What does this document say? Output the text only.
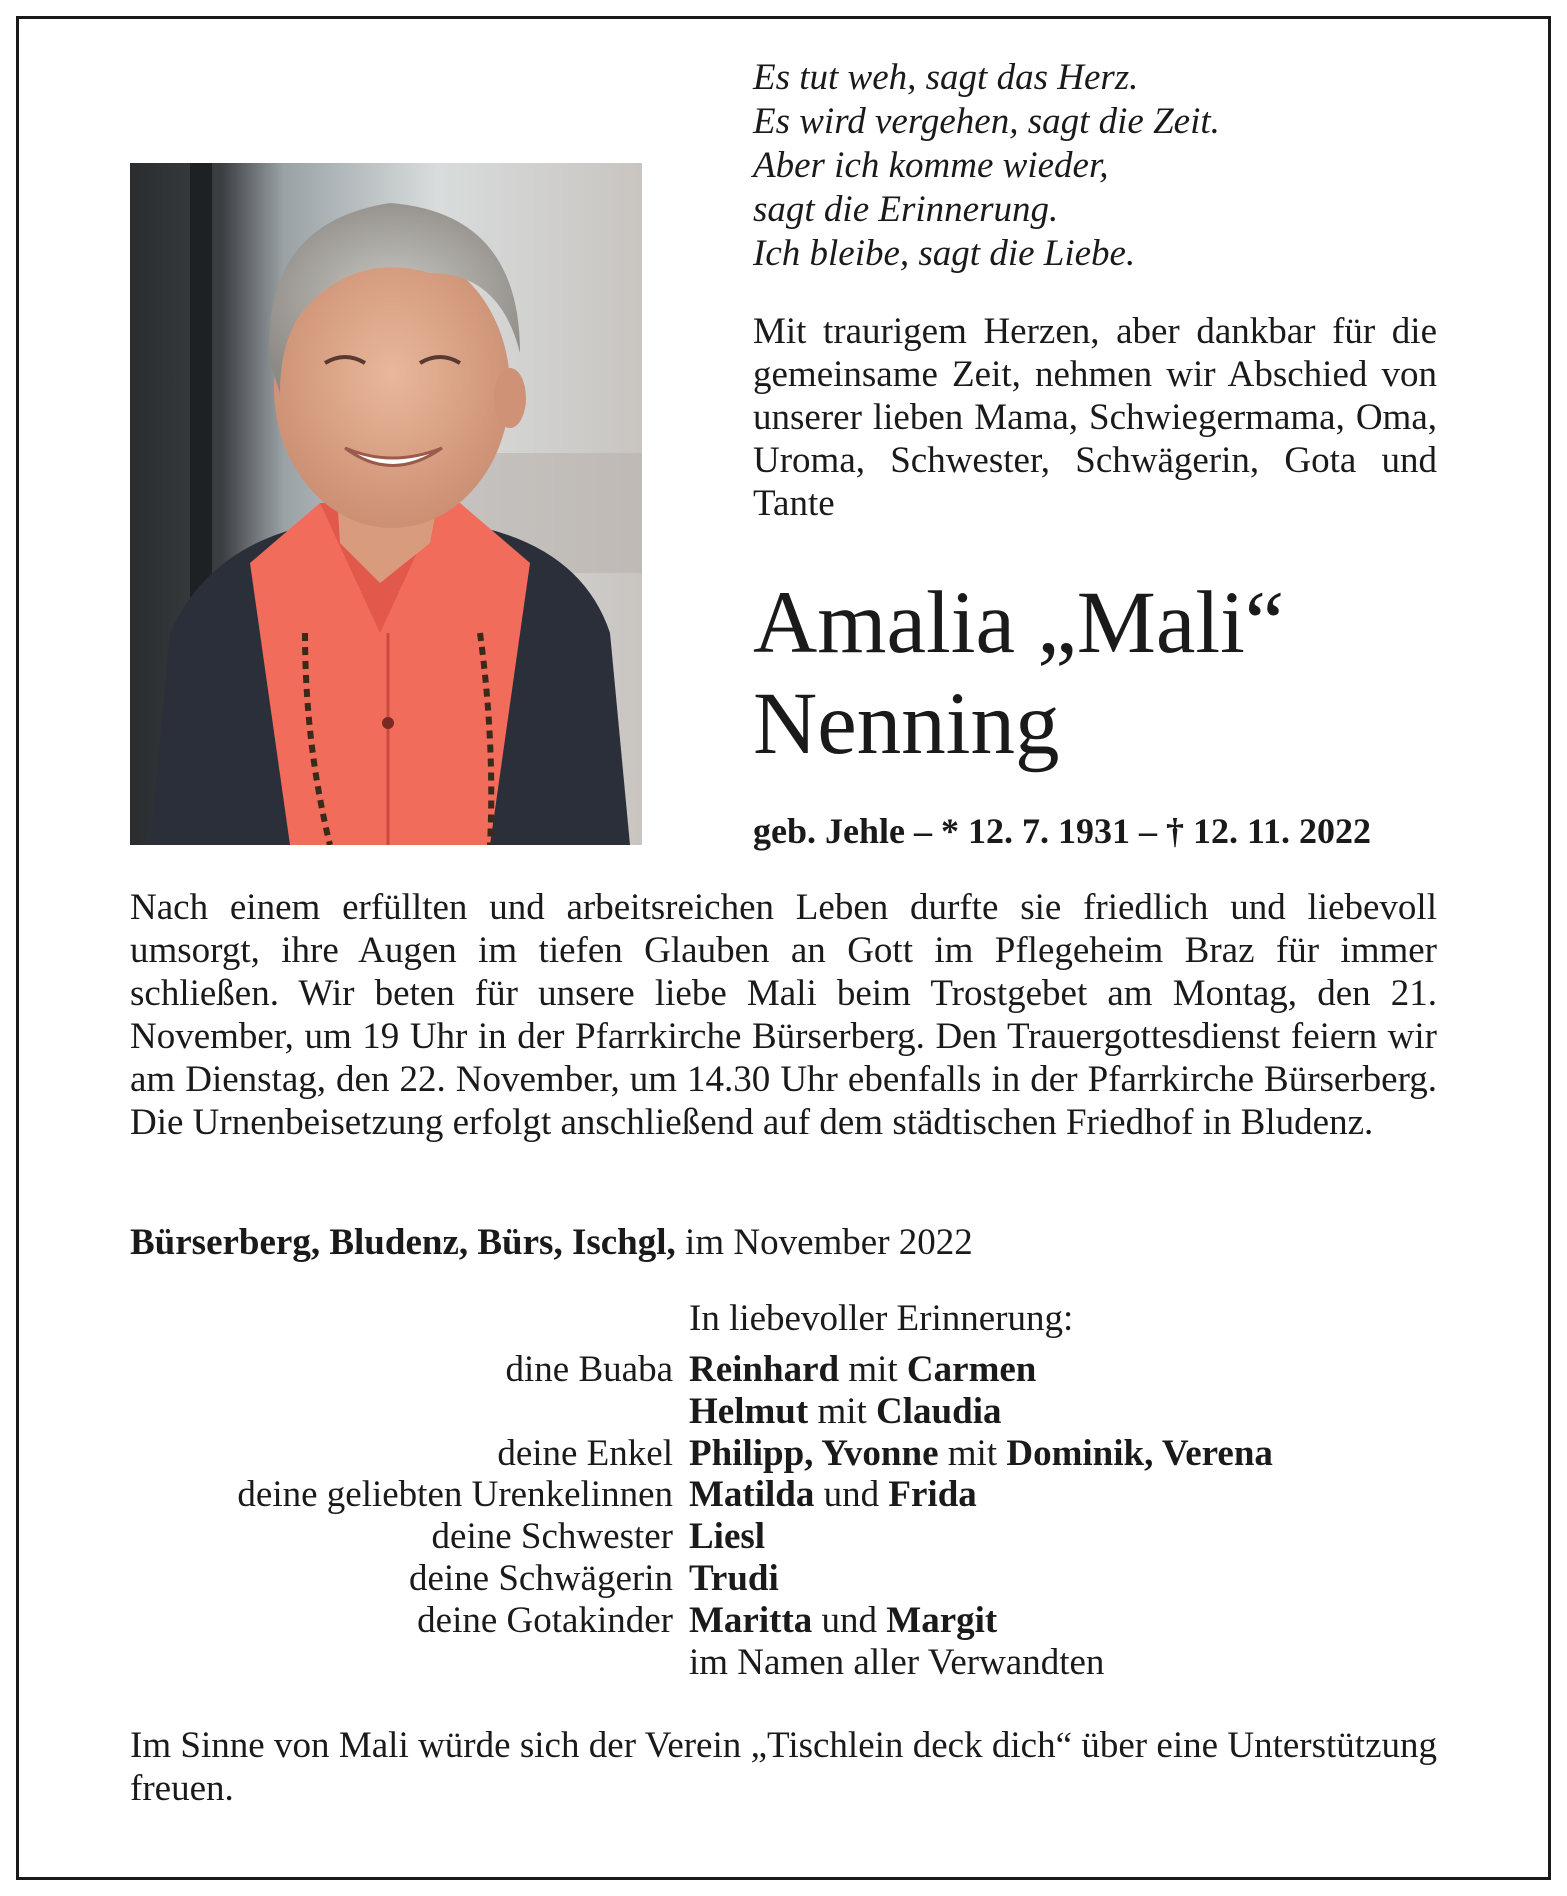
Es tut weh, sagt das Herz.
Es wird vergehen, sagt die Zeit.
Aber ich komme wieder,
sagt die Erinnerung.
Ich bleibe, sagt die Liebe.

Mit traurigem Herzen, aber dankbar für die gemeinsame Zeit, nehmen wir Abschied von unserer lieben Mama, Schwiegermama, Oma, Uroma, Schwester, Schwägerin, Gota und Tante

Amalia „Mali“
Nenning
geb. Jehle – * 12. 7. 1931 – † 12. 11. 2022

Nach einem erfüllten und arbeitsreichen Leben durfte sie friedlich und liebevoll umsorgt, ihre Augen im tiefen Glauben an Gott im Pflegeheim Braz für immer schließen. Wir beten für unsere liebe Mali beim Trostgebet am Montag, den 21. November, um 19 Uhr in der Pfarrkirche Bürserberg. Den Trauergottesdienst feiern wir am Dienstag, den 22. November, um 14.30 Uhr ebenfalls in der Pfarrkirche Bürserberg. Die Urnenbeisetzung erfolgt anschließend auf dem städtischen Friedhof in Bludenz.

Bürserberg, Bludenz, Bürs, Ischgl, im November 2022
In liebevoller Erinnerung:
dine Buaba Reinhard mit Carmen
Helmut mit Claudia
deine Enkel Philipp, Yvonne mit Dominik, Verena
deine geliebten Urenkelinnen Matilda und Frida
deine Schwester Liesl
deine Schwägerin Trudi
deine Gotakinder Maritta und Margit
im Namen aller Verwandten

Im Sinne von Mali würde sich der Verein „Tischlein deck dich“ über eine Unterstützung freuen.
